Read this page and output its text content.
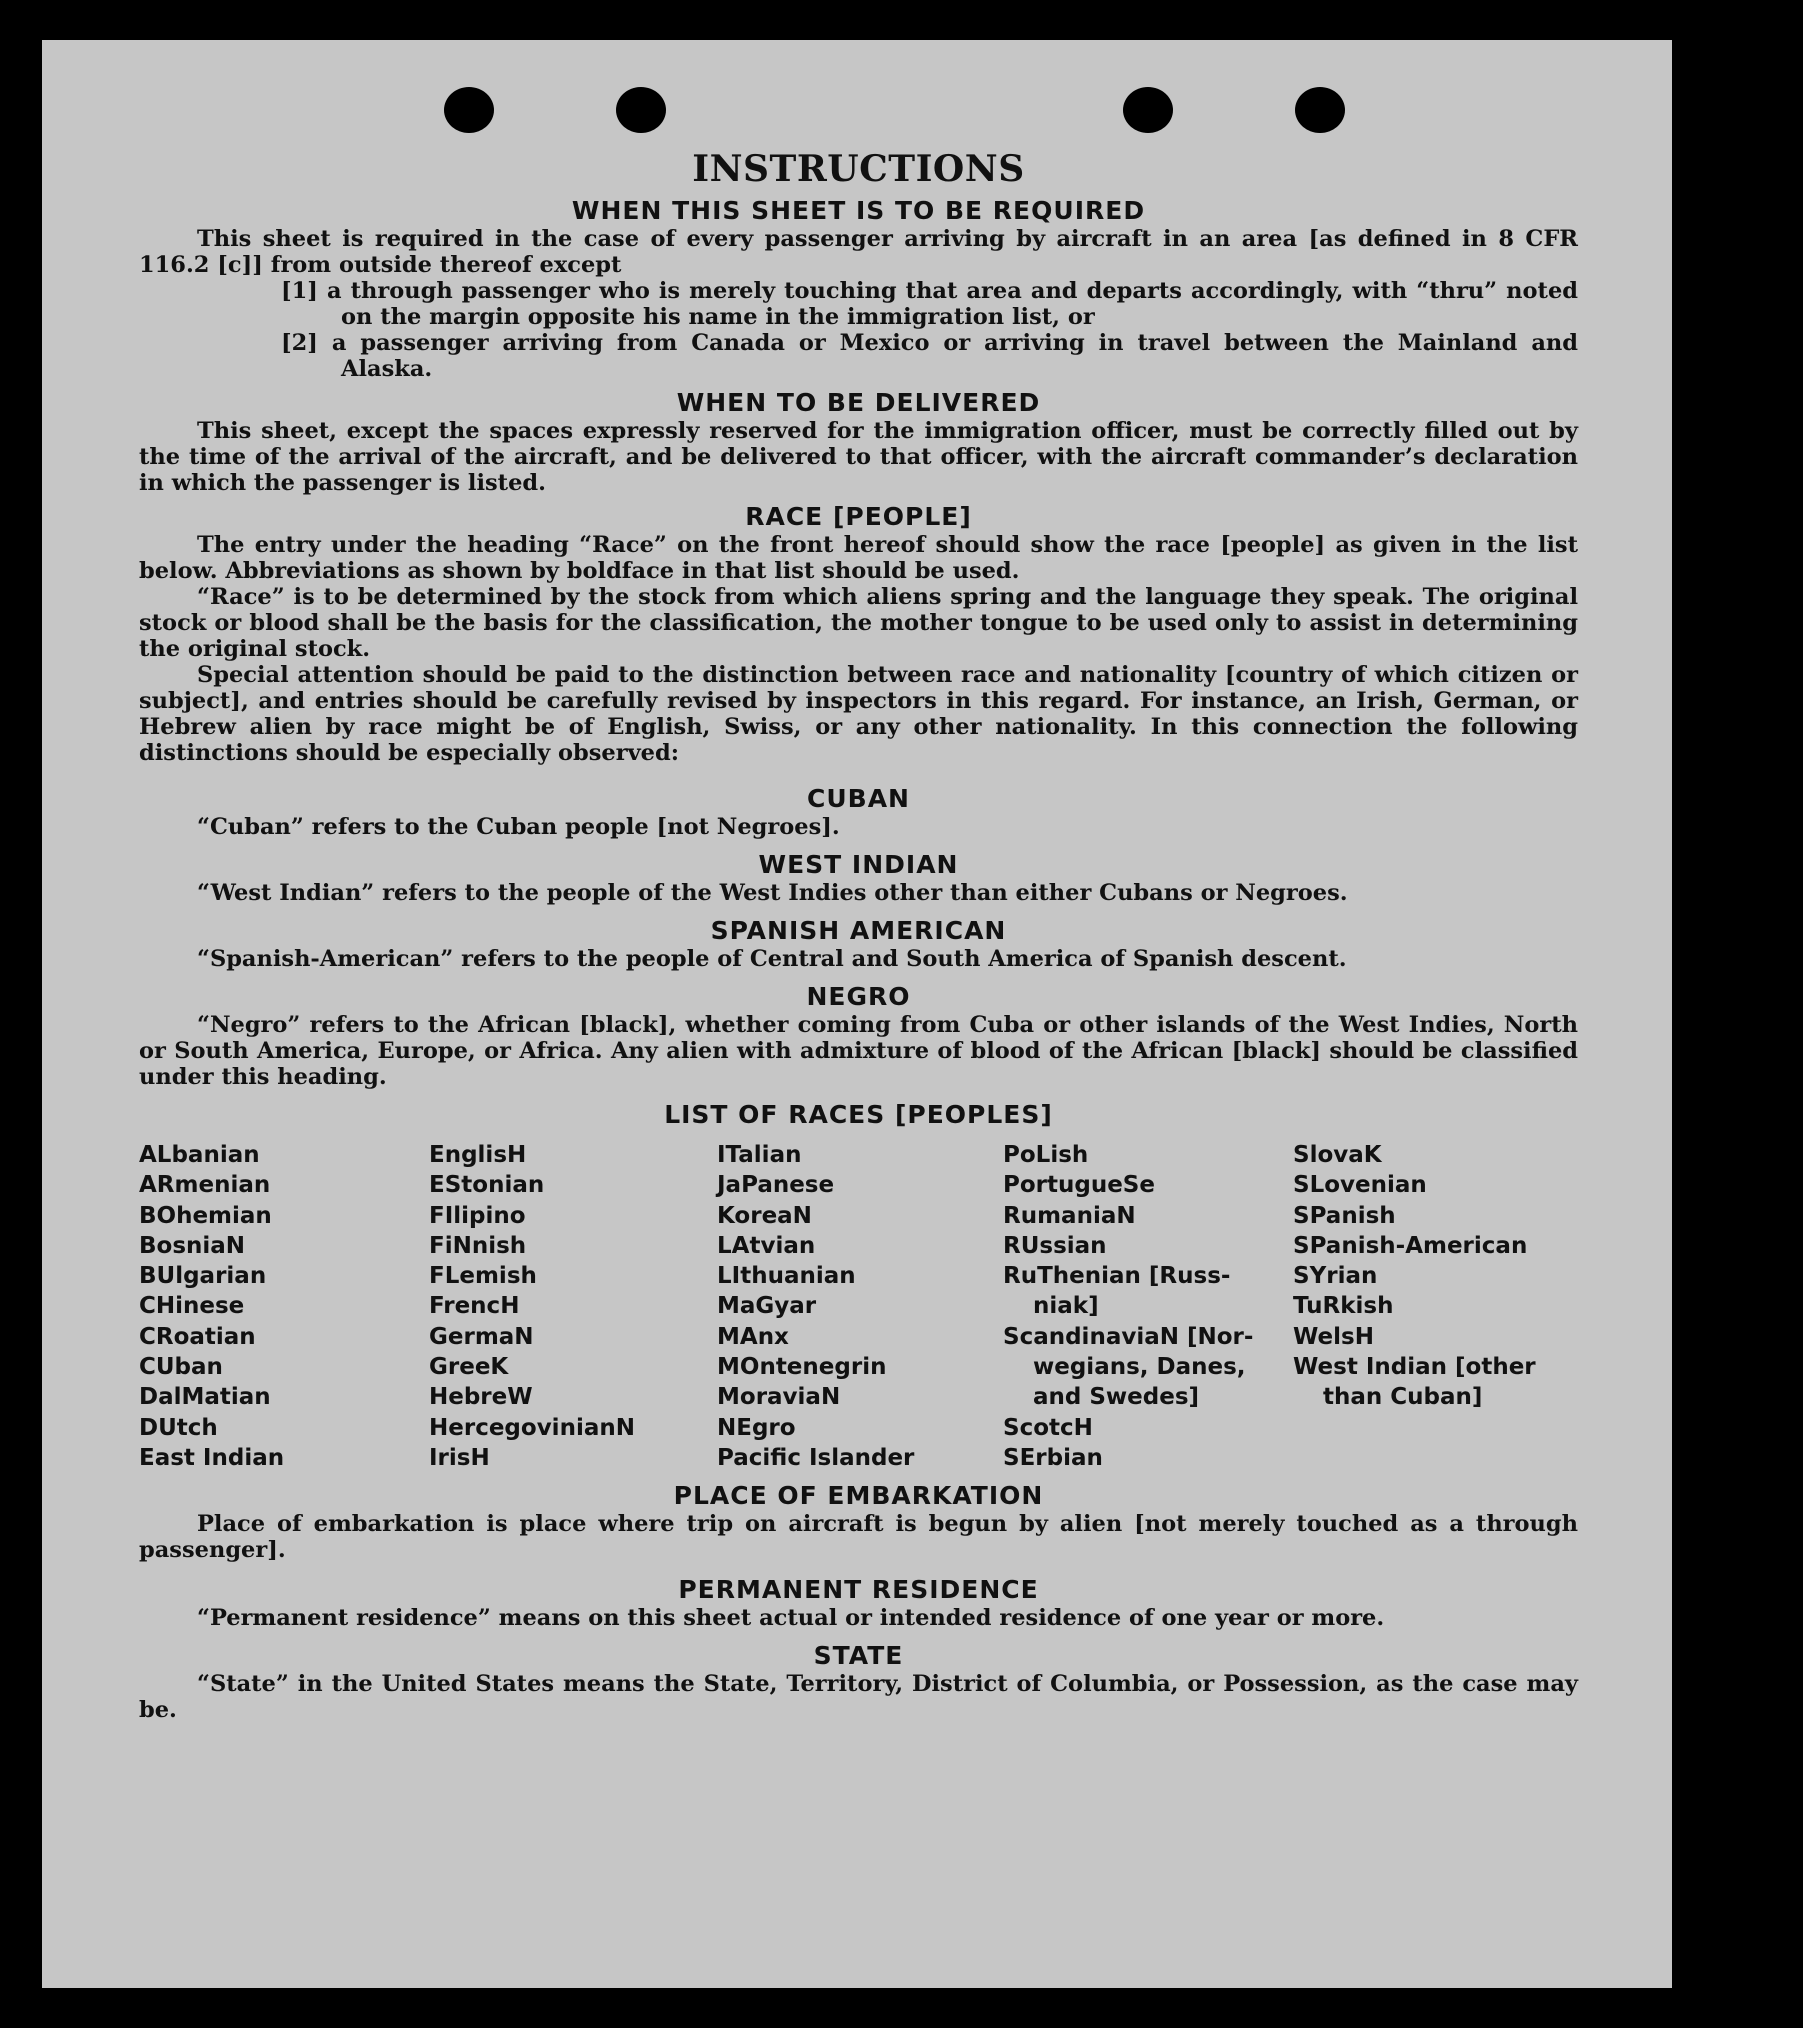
INSTRUCTIONS
WHEN THIS SHEET IS TO BE REQUIRED

This sheet is required in the case of every passenger arriving by aircraft in an area [as defined in 8 CFR 116.2 [c]] from outside thereof except

[1] a through passenger who is merely touching that area and departs accordingly, with “thru” noted on the margin opposite his name in the immigration list, or

[2] a passenger arriving from Canada or Mexico or arriving in travel between the Mainland and Alaska.

WHEN TO BE DELIVERED

This sheet, except the spaces expressly reserved for the immigration officer, must be correctly filled out by the time of the arrival of the aircraft, and be delivered to that officer, with the aircraft commander’s declaration in which the passenger is listed.

RACE [PEOPLE]

The entry under the heading “Race” on the front hereof should show the race [people] as given in the list below. Abbreviations as shown by boldface in that list should be used.

“Race” is to be determined by the stock from which aliens spring and the language they speak. The original stock or blood shall be the basis for the classification, the mother tongue to be used only to assist in determining the original stock.

Special attention should be paid to the distinction between race and nationality [country of which citizen or subject], and entries should be carefully revised by inspectors in this regard. For instance, an Irish, German, or Hebrew alien by race might be of English, Swiss, or any other nationality. In this connection the following distinctions should be especially observed:

CUBAN

“Cuban” refers to the Cuban people [not Negroes].

WEST INDIAN

“West Indian” refers to the people of the West Indies other than either Cubans or Negroes.

SPANISH AMERICAN

“Spanish-American” refers to the people of Central and South America of Spanish descent.

NEGRO

“Negro” refers to the African [black], whether coming from Cuba or other islands of the West Indies, North or South America, Europe, or Africa. Any alien with admixture of blood of the African [black] should be classified under this heading.

LIST OF RACES [PEOPLES]
ALbanian
ARmenian
BOhemian
BosniaN
BUlgarian
CHinese
CRoatian
CUban
DalMatian
DUtch
East Indian
EnglisH
EStonian
FIlipino
FiNnish
FLemish
FrencH
GermaN
GreeK
HebreW
HercegovinianN
IrisH
ITalian
JaPanese
KoreaN
LAtvian
LIthuanian
MaGyar
MAnx
MOntenegrin
MoraviaN
NEgro
Pacific Islander
PoLish
PortugueSe
RumaniaN
RUssian
RuThenian [Russ-
niak]
ScandinaviaN [Nor-
wegians, Danes,
and Swedes]
ScotcH
SErbian
SlovaK
SLovenian
SPanish
SPanish-American
SYrian
TuRkish
WelsH
West Indian [other
than Cuban]
PLACE OF EMBARKATION

Place of embarkation is place where trip on aircraft is begun by alien [not merely touched as a through passenger].

PERMANENT RESIDENCE

“Permanent residence” means on this sheet actual or intended residence of one year or more.

STATE

“State” in the United States means the State, Territory, District of Columbia, or Possession, as the case may be.
